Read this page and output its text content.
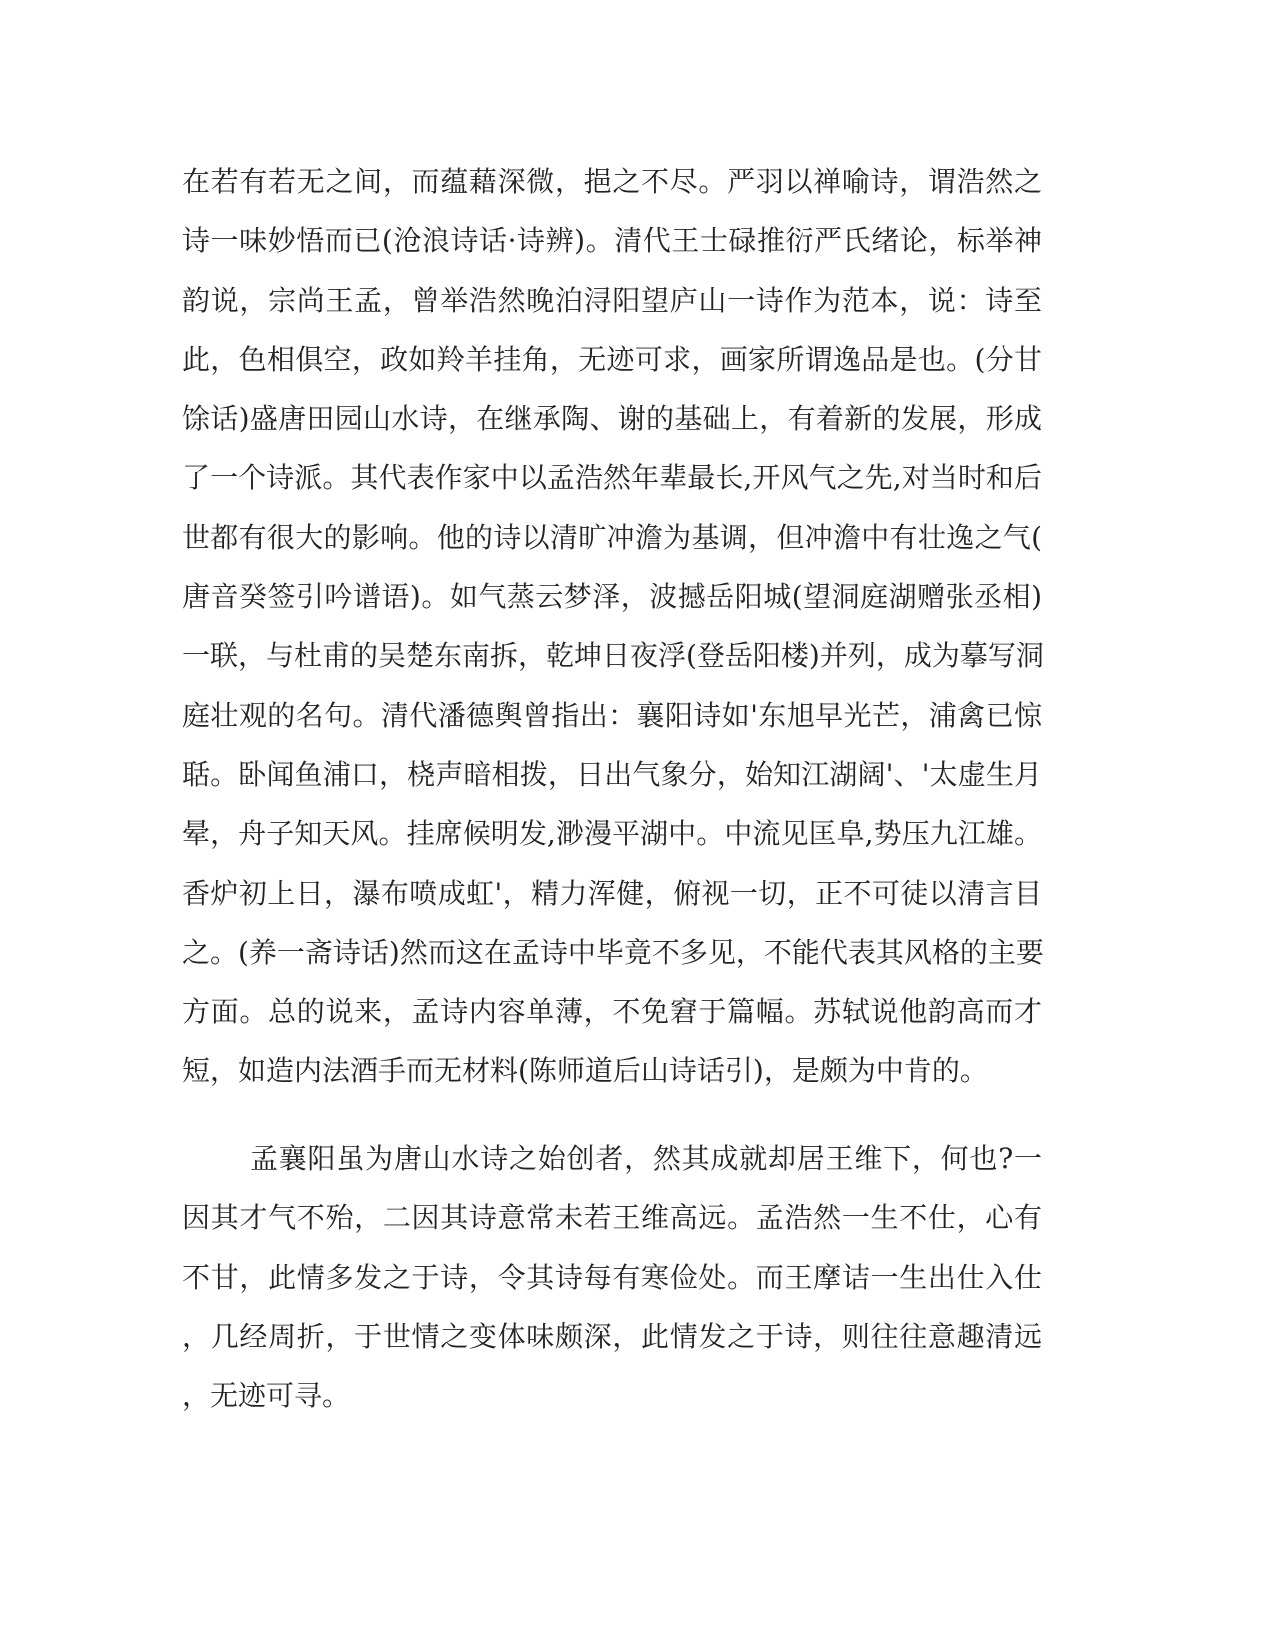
在若有若无之间，而蕴藉深微，挹之不尽。严羽以禅喻诗，谓浩然之
诗一味妙悟而已(沧浪诗话·诗辨)。清代王士碌推衍严氏绪论，标举神
韵说，宗尚王孟，曾举浩然晚泊浔阳望庐山一诗作为范本，说：诗至
此，色相俱空，政如羚羊挂角，无迹可求，画家所谓逸品是也。(分甘
馀话)盛唐田园山水诗，在继承陶、谢的基础上，有着新的发展，形成
了一个诗派。其代表作家中以孟浩然年辈最长,开风气之先,对当时和后
世都有很大的影响。他的诗以清旷冲澹为基调，但冲澹中有壮逸之气(
唐音癸签引吟谱语)。如气蒸云梦泽，波撼岳阳城(望洞庭湖赠张丞相)
一联，与杜甫的吴楚东南拆，乾坤日夜浮(登岳阳楼)并列，成为摹写洞
庭壮观的名句。清代潘德舆曾指出：襄阳诗如'东旭早光芒，浦禽已惊
聒。卧闻鱼浦口，桡声暗相拨，日出气象分，始知江湖阔'、'太虚生月
晕，舟子知天风。挂席候明发,渺漫平湖中。中流见匡阜,势压九江雄。
香炉初上日，瀑布喷成虹'，精力浑健，俯视一切，正不可徒以清言目
之。(养一斋诗话)然而这在孟诗中毕竟不多见，不能代表其风格的主要
方面。总的说来，孟诗内容单薄，不免窘于篇幅。苏轼说他韵高而才
短，如造内法酒手而无材料(陈师道后山诗话引)，是颇为中肯的。
孟襄阳虽为唐山水诗之始创者，然其成就却居王维下，何也?一
因其才气不殆，二因其诗意常未若王维高远。孟浩然一生不仕，心有
不甘，此情多发之于诗，令其诗每有寒俭处。而王摩诘一生出仕入仕
，几经周折，于世情之变体味颇深，此情发之于诗，则往往意趣清远
，无迹可寻。
